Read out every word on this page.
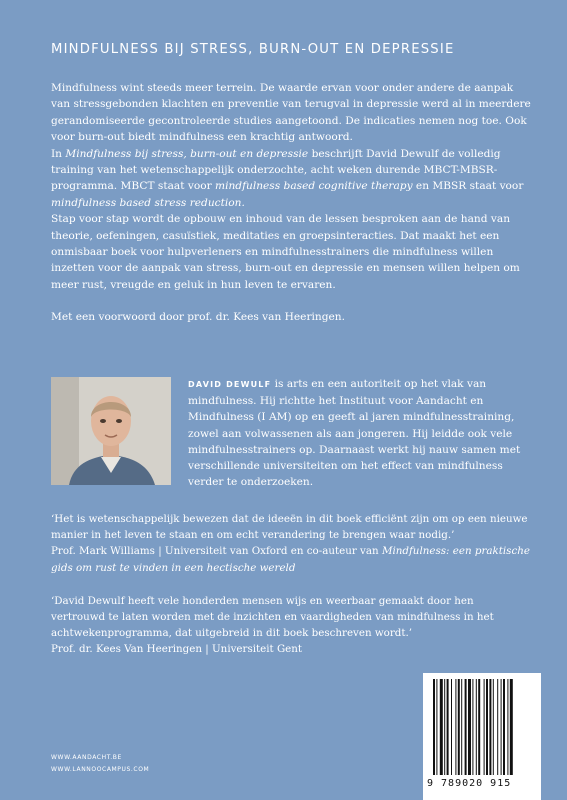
MINDFULNESS BIJ STRESS, BURN-OUT EN DEPRESSIE

Mindfulness wint steeds meer terrein. De waarde ervan voor onder andere de aanpak van stressgebonden klachten en preventie van terugval in depressie werd al in meerdere gerandomiseerde gecontroleerde studies aangetoond. De indicaties nemen nog toe. Ook voor burn-out biedt mindfulness een krachtig antwoord.

In Mindfulness bij stress, burn-out en depressie beschrijft David Dewulf de volledig training van het wetenschappelijk onderzochte, acht weken durende MBCT-MBSR-programma. MBCT staat voor mindfulness based cognitive therapy en MBSR staat voor mindfulness based stress reduction.

Stap voor stap wordt de opbouw en inhoud van de lessen besproken aan de hand van theorie, oefeningen, casuïstiek, meditaties en groepsinteracties. Dat maakt het een onmisbaar boek voor hulpverleners en mindfulnesstrainers die mindfulness willen inzetten voor de aanpak van stress, burn-out en depressie en mensen willen helpen om meer rust, vreugde en geluk in hun leven te ervaren.

Met een voorwoord door prof. dr. Kees van Heeringen.

DAVID DEWULF is arts en een autoriteit op het vlak van mindfulness. Hij richtte het Instituut voor Aandacht en Mindfulness (I AM) op en geeft al jaren mindfulnesstraining, zowel aan volwassenen als aan jongeren. Hij leidde ook vele mindfulnesstrainers op. Daarnaast werkt hij nauw samen met verschillende universiteiten om het effect van mindfulness verder te onderzoeken.

‘Het is wetenschappelijk bewezen dat de ideeën in dit boek efficiënt zijn om op een nieuwe manier in het leven te staan en om echt verandering te brengen waar nodig.’

Prof. Mark Williams | Universiteit van Oxford en co-auteur van Mindfulness: een praktische gids om rust te vinden in een hectische wereld

‘David Dewulf heeft vele honderden mensen wijs en weerbaar gemaakt door hen vertrouwd te laten worden met de inzichten en vaardigheden van mindfulness in het achtwekenprogramma, dat uitgebreid in dit boek beschreven wordt.’

Prof. dr. Kees Van Heeringen | Universiteit Gent

WWW.AANDACHT.BE
WWW.LANNOOCAMPUS.COM
9 789020 915
